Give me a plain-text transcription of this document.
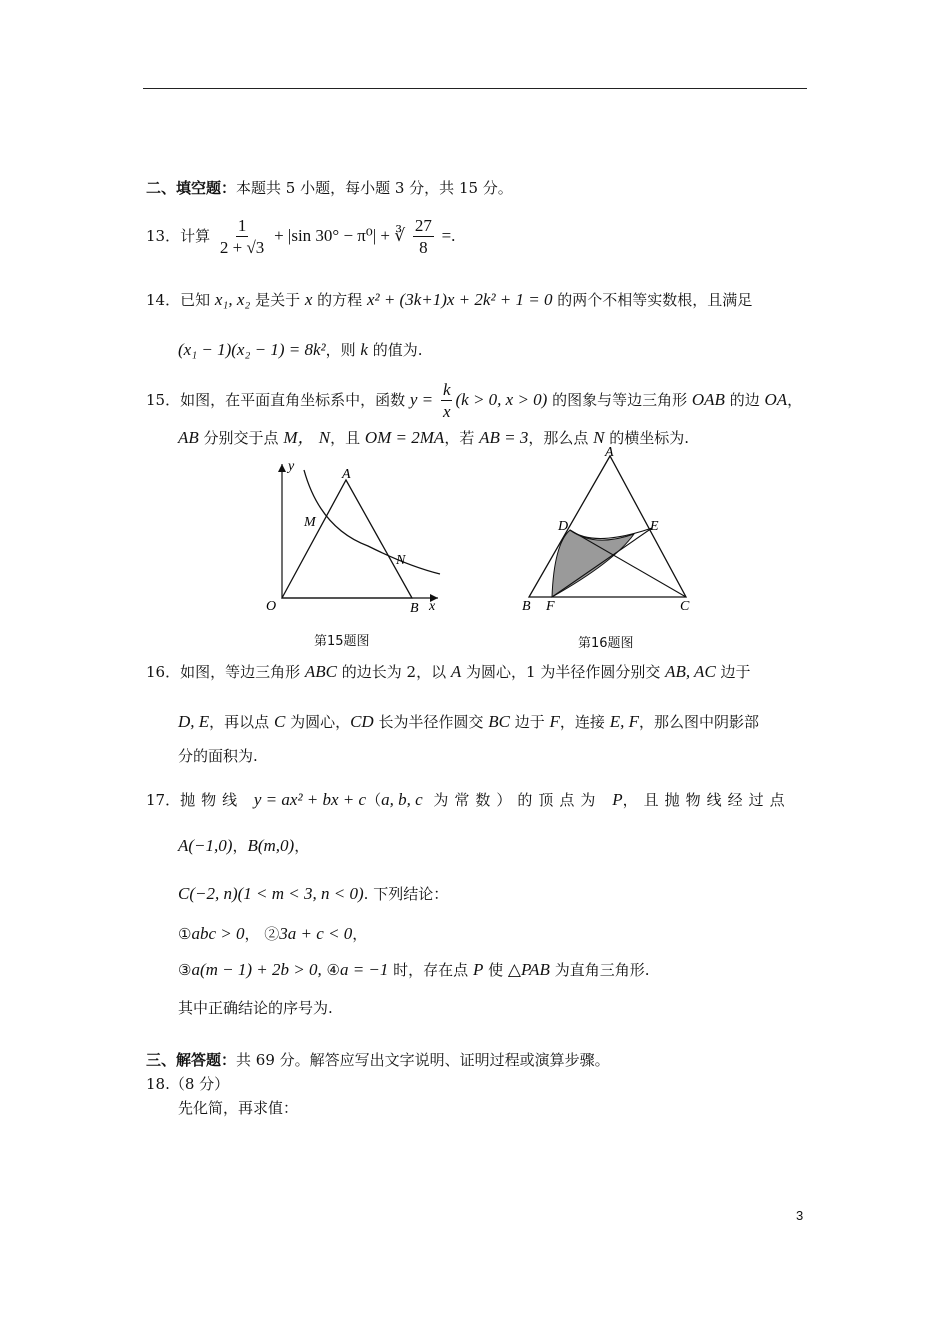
二、填空题：本题共 5 小题，每小题 3 分，共 15 分。
13．计算 $\frac{1}{2 + √3} + |\sin$ 30° − π⁰| + ∛ $\frac{27}{8}$ =.
14．已知 x₁, x₂ 是关于 x 的方程 x² + (3k+1)x + 2k² + 1 = 0 的两个不相等实数根，且满足
(x₁ − 1)(x₂ − 1) = 8k²，则 k 的值为.
15．如图，在平面直角坐标系中，函数 $y = \frac{k}{x} (k > 0$, x > 0) 的图象与等边三角形 OAB 的边 OA，
AB 分别交于点 M， N，且 OM = 2MA，若 AB = 3，那么点 N 的横坐标为.
y
x
O
A
B
M
N
第15题图
A
B	C
D	E
F
第16题图
16．如图，等边三角形 ABC 的边长为 2，以 A 为圆心，1 为半径作圆分别交 AB, AC 边于
D, E，再以点 C 为圆心，CD 长为半径作圆交 BC 边于 F，连接 E, F，那么图中阴影部
分的面积为.
17．抛物线 y = ax² + bx + c（a, b, c 为常数）的顶点为 P，且抛物线经过点
A(−1,0)，B(m,0)，
C(−2, n)(1 < m < 3, n < 0). 下列结论：
①abc > 0， ②3a + c < 0，
③a(m − 1) + 2b > 0, ④a = −1 时，存在点 P 使 △PAB 为直角三角形.
其中正确结论的序号为.
三、解答题：共 69 分。解答应写出文字说明、证明过程或演算步骤。
18.（8 分）
先化简，再求值：
3
